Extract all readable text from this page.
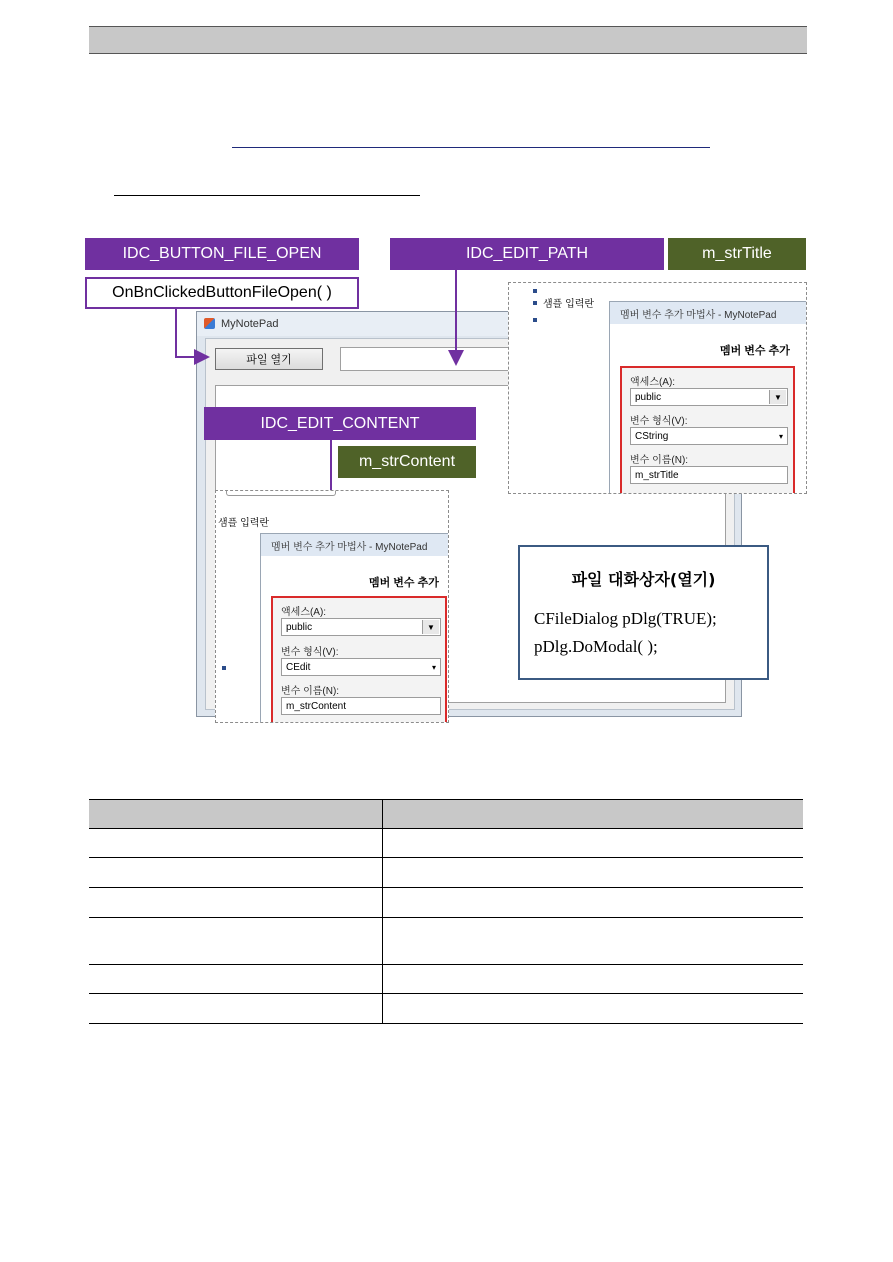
IDC_BUTTON_FILE_OPEN
OnBnClickedButtonFileOpen( )
IDC_EDIT_PATH	m_strTitle
MyNotePad
파일 열기
샘플 입력란
멤버 변수 추가 마법사 - MyNotePad
멤버 변수 추가
액세스(A):
public	▼
변수 형식(V):
CString	▾
변수 이름(N):
m_strTitle
IDC_EDIT_CONTENT
m_strContent
샘플 입력란
멤버 변수 추가 마법사 - MyNotePad
멤버 변수 추가
액세스(A):
public	▼
변수 형식(V):
CEdit	▾
변수 이름(N):
m_strContent
파일 대화상자(열기)
CFileDialog pDlg(TRUE);
pDlg.DoModal( );
